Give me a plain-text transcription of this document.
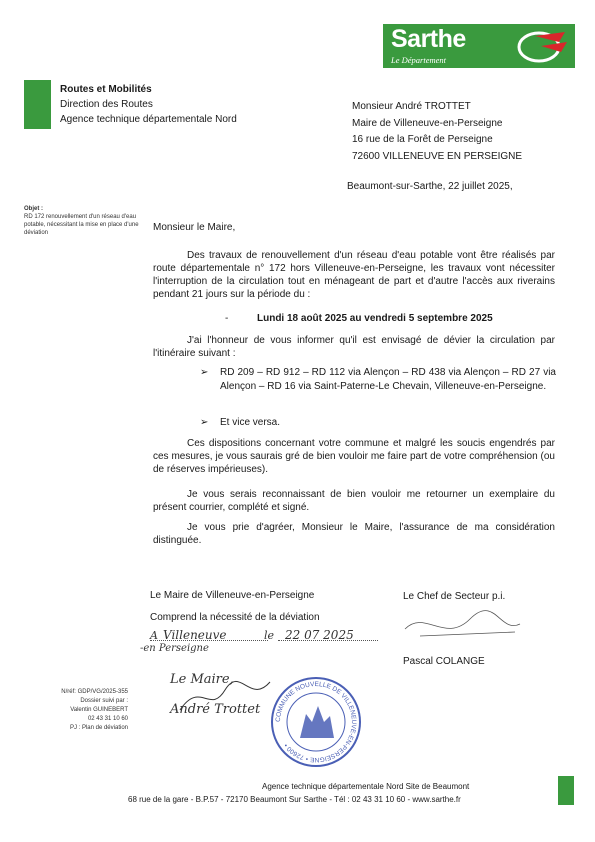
Sarthe
Le Département
Routes et Mobilités
Direction des Routes
Agence technique départementale Nord
Monsieur André TROTTET
Maire de Villeneuve-en-Perseigne
16 rue de la Forêt de Perseigne
72600 VILLENEUVE EN PERSEIGNE
Beaumont-sur-Sarthe, 22 juillet 2025,
Objet :
RD 172 renouvellement d'un réseau d'eau potable, nécessitant la mise en place d'une déviation	Monsieur le Maire,
Des travaux de renouvellement d'un réseau d'eau potable vont être réalisés par route départementale n° 172 hors Villeneuve-en-Perseigne, les travaux vont nécessiter l'interruption de la circulation tout en ménageant de part et d'autre l'accès aux riverains pendant 21 jours sur la période du :
-	Lundi 18 août 2025 au vendredi 5 septembre 2025
J'ai l'honneur de vous informer qu'il est envisagé de dévier la circulation par l'itinéraire suivant :
➢ RD 209 – RD 912 – RD 112 via Alençon – RD 438 via Alençon – RD 27 via Alençon – RD 16 via Saint-Paterne-Le Chevain, Villeneuve-en-Perseigne.
➢ Et vice versa.
Ces dispositions concernant votre commune et malgré les soucis engendrés par ces mesures, je vous saurais gré de bien vouloir me faire part de votre compréhension (ou de réserves impérieuses).
Je vous serais reconnaissant de bien vouloir me retourner un exemplaire du présent courrier, complété et signé.
Je vous prie d'agréer, Monsieur le Maire, l'assurance de ma considération distinguée.
Le Maire de Villeneuve-en-Perseigne
Comprend la nécessité de la déviation
A Villeneuve	le 22 07 2025
-en Perseigne
Le Maire,
André Trottet
COMMUNE NOUVELLE DE VILLENEUVE-EN-PERSEIGNE • 72600 •
Le Chef de Secteur p.i.
Pascal COLANGE
N/réf: GDP/VG/2025-355
Dossier suivi par :
Valentin GUINEBERT
02 43 31 10 60
PJ : Plan de déviation
Agence technique départementale Nord Site de Beaumont
68 rue de la gare - B.P.57 - 72170 Beaumont Sur Sarthe - Tél : 02 43 31 10 60 - www.sarthe.fr
